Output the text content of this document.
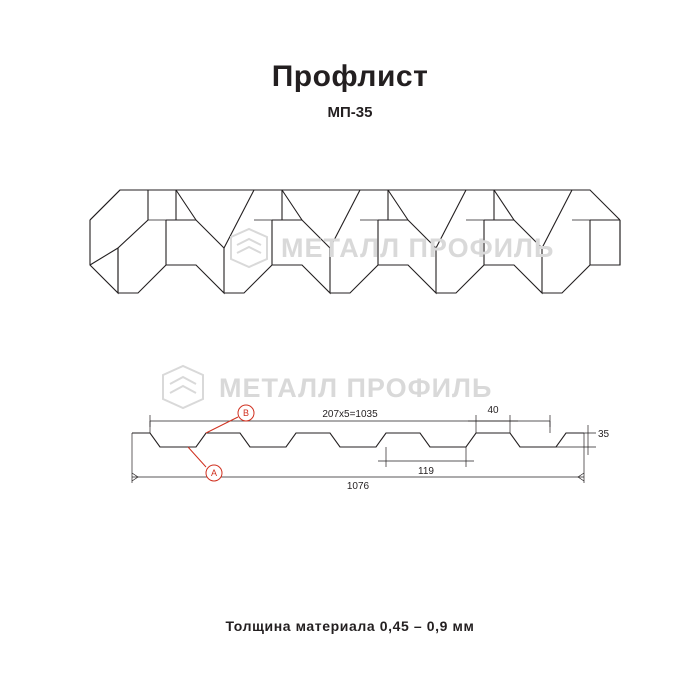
Профлист
МП-35
МЕТАЛЛ ПРОФИЛЬ
207х5=1035	40
119
35
1076
A
B
МЕТАЛЛ ПРОФИЛЬ
Толщина материала 0,45 – 0,9 мм
